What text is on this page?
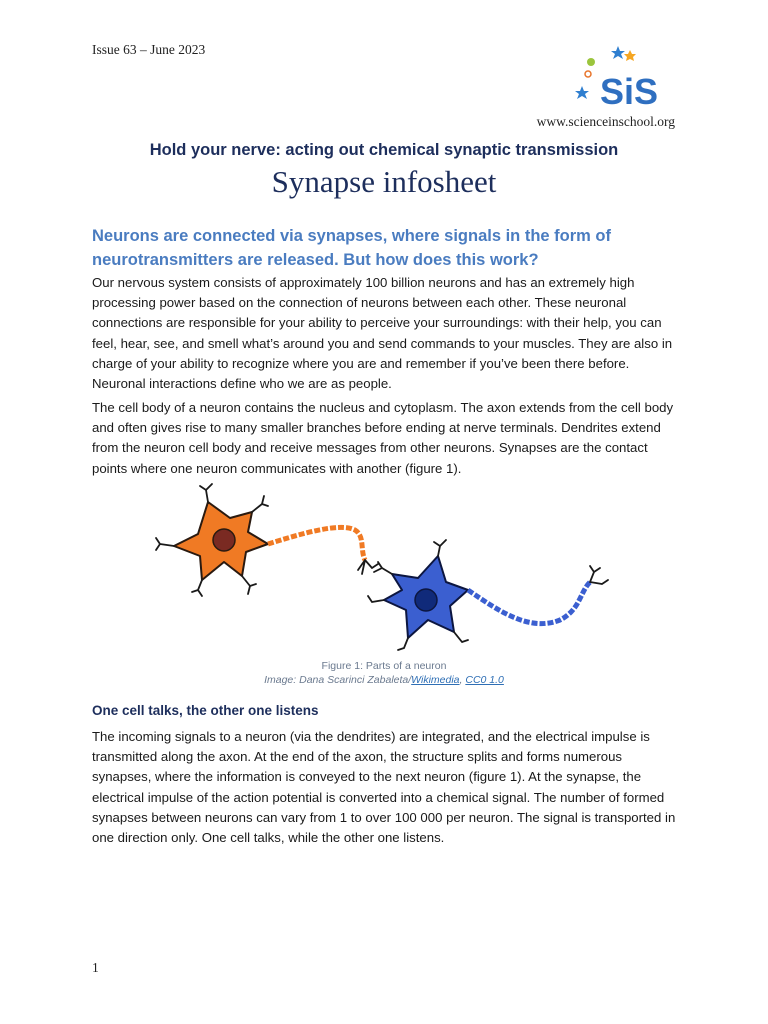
Issue 63 – June 2023
SiS
www.scienceinschool.org
Hold your nerve: acting out chemical synaptic transmission
Synapse infosheet
Neurons are connected via synapses, where signals in the form of neurotransmitters are released. But how does this work?

Our nervous system consists of approximately 100 billion neurons and has an extremely high processing power based on the connection of neurons between each other. These neuronal connections are responsible for your ability to perceive your surroundings: with their help, you can feel, hear, see, and smell what’s around you and send commands to your muscles. They are also in charge of your ability to recognize where you are and remember if you’ve been there before. Neuronal interactions define who we are as people.

The cell body of a neuron contains the nucleus and cytoplasm. The axon extends from the cell body and often gives rise to many smaller branches before ending at nerve terminals. Dendrites extend from the neuron cell body and receive messages from other neurons. Synapses are the contact points where one neuron communicates with another (figure 1).

Figure 1: Parts of a neuron
Image: Dana Scarinci Zabaleta/Wikimedia, CC0 1.0
One cell talks, the other one listens

The incoming signals to a neuron (via the dendrites) are integrated, and the electrical impulse is transmitted along the axon. At the end of the axon, the structure splits and forms numerous synapses, where the information is conveyed to the next neuron (figure 1). At the synapse, the electrical impulse of the action potential is converted into a chemical signal. The number of formed synapses between neurons can vary from 1 to over 100 000 per neuron. The signal is transported in one direction only. One cell talks, while the other one listens.

1
